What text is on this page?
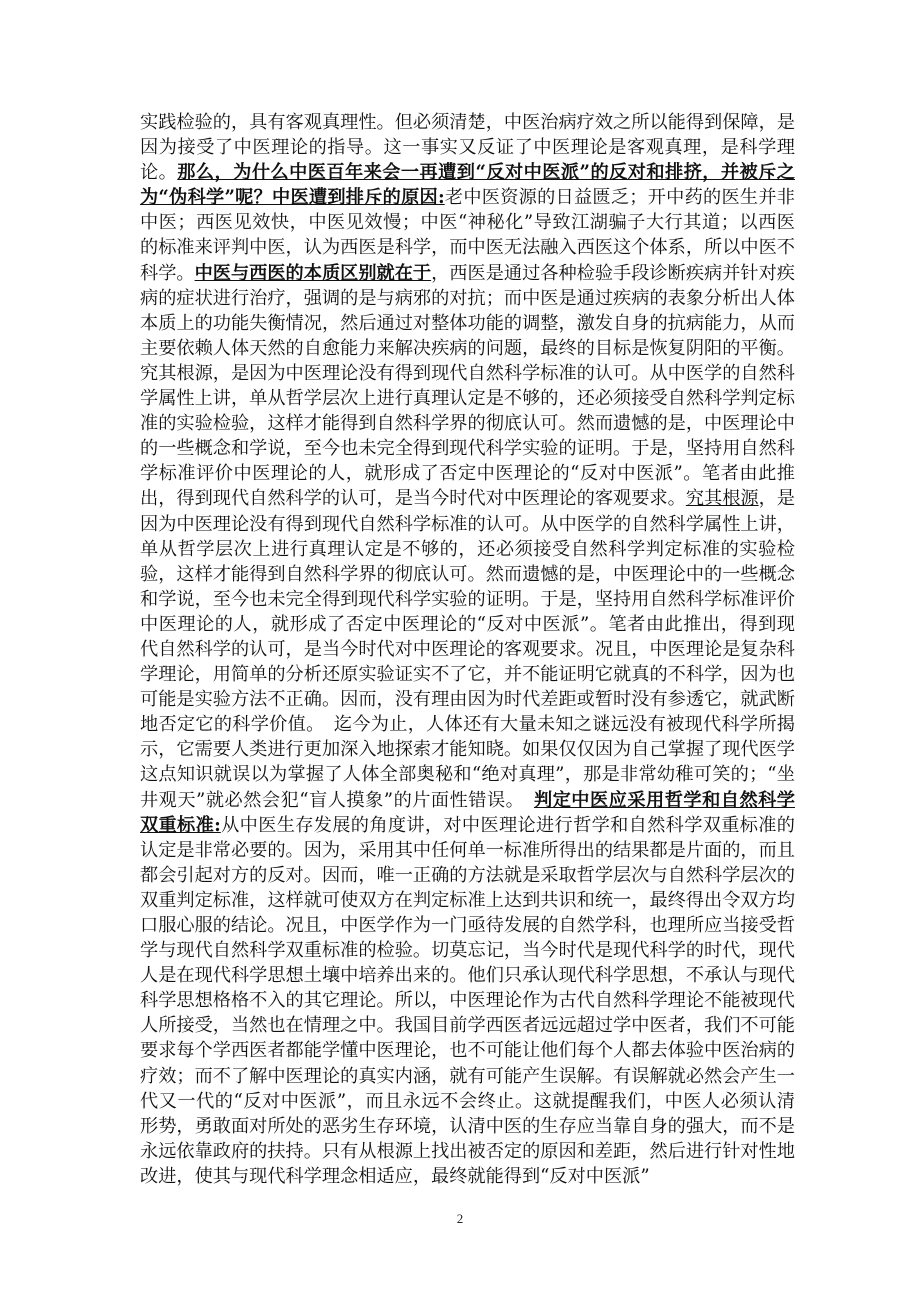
实践检验的，具有客观真理性。但必须清楚，中医治病疗效之所以能得到保障，是因为接受了中医理论的指导。这一事实又反证了中医理论是客观真理，是科学理论。那么，为什么中医百年来会一再遭到“反对中医派”的反对和排挤，并被斥之为“伪科学”呢？中医遭到排斥的原因:老中医资源的日益匮乏；开中药的医生并非中医；西医见效快，中医见效慢；中医“神秘化”导致江湖骗子大行其道；以西医的标准来评判中医，认为西医是科学，而中医无法融入西医这个体系，所以中医不科学。中医与西医的本质区别就在于，西医是通过各种检验手段诊断疾病并针对疾病的症状进行治疗，强调的是与病邪的对抗；而中医是通过疾病的表象分析出人体本质上的功能失衡情况，然后通过对整体功能的调整，激发自身的抗病能力，从而主要依赖人体天然的自愈能力来解决疾病的问题，最终的目标是恢复阴阳的平衡。究其根源，是因为中医理论没有得到现代自然科学标准的认可。从中医学的自然科学属性上讲，单从哲学层次上进行真理认定是不够的，还必须接受自然科学判定标准的实验检验，这样才能得到自然科学界的彻底认可。然而遗憾的是，中医理论中的一些概念和学说，至今也未完全得到现代科学实验的证明。于是，坚持用自然科学标准评价中医理论的人，就形成了否定中医理论的“反对中医派”。笔者由此推出，得到现代自然科学的认可，是当今时代对中医理论的客观要求。究其根源，是因为中医理论没有得到现代自然科学标准的认可。从中医学的自然科学属性上讲，单从哲学层次上进行真理认定是不够的，还必须接受自然科学判定标准的实验检验，这样才能得到自然科学界的彻底认可。然而遗憾的是，中医理论中的一些概念和学说，至今也未完全得到现代科学实验的证明。于是，坚持用自然科学标准评价中医理论的人，就形成了否定中医理论的“反对中医派”。笔者由此推出，得到现代自然科学的认可，是当今时代对中医理论的客观要求。况且，中医理论是复杂科学理论，用简单的分析还原实验证实不了它，并不能证明它就真的不科学，因为也可能是实验方法不正确。因而，没有理由因为时代差距或暂时没有参透它，就武断地否定它的科学价值。　迄今为止，人体还有大量未知之谜远没有被现代科学所揭示，它需要人类进行更加深入地探索才能知晓。如果仅仅因为自己掌握了现代医学这点知识就误以为掌握了人体全部奥秘和“绝对真理”，那是非常幼稚可笑的；“坐井观天”就必然会犯“盲人摸象”的片面性错误。　判定中医应采用哲学和自然科学双重标准:从中医生存发展的角度讲，对中医理论进行哲学和自然科学双重标准的认定是非常必要的。因为，采用其中任何单一标准所得出的结果都是片面的，而且都会引起对方的反对。因而，唯一正确的方法就是采取哲学层次与自然科学层次的双重判定标准，这样就可使双方在判定标准上达到共识和统一，最终得出令双方均口服心服的结论。况且，中医学作为一门亟待发展的自然学科，也理所应当接受哲学与现代自然科学双重标准的检验。切莫忘记，当今时代是现代科学的时代，现代人是在现代科学思想土壤中培养出来的。他们只承认现代科学思想，不承认与现代科学思想格格不入的其它理论。所以，中医理论作为古代自然科学理论不能被现代人所接受，当然也在情理之中。我国目前学西医者远远超过学中医者，我们不可能要求每个学西医者都能学懂中医理论，也不可能让他们每个人都去体验中医治病的疗效；而不了解中医理论的真实内涵，就有可能产生误解。有误解就必然会产生一代又一代的“反对中医派”，而且永远不会终止。这就提醒我们，中医人必须认清形势，勇敢面对所处的恶劣生存环境，认清中医的生存应当靠自身的强大，而不是永远依靠政府的扶持。只有从根源上找出被否定的原因和差距，然后进行针对性地改进，使其与现代科学理念相适应，最终就能得到“反对中医派”

2
